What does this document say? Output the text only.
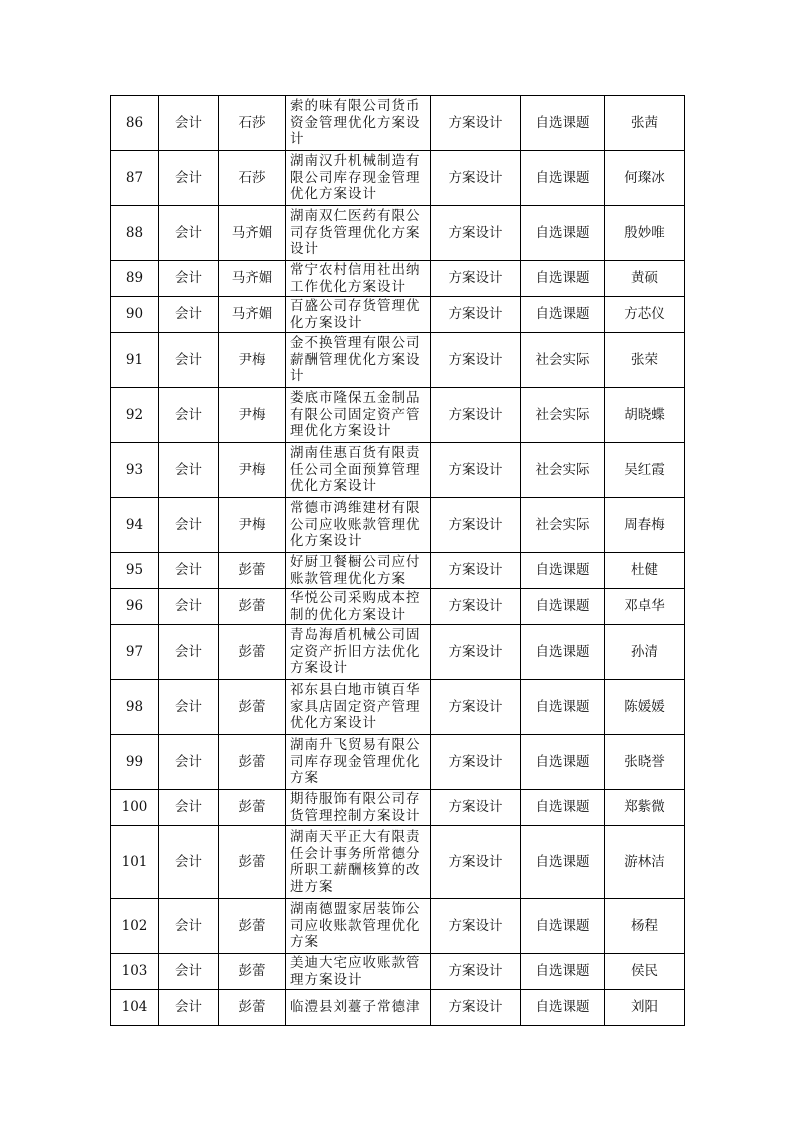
86	会计	石莎	索的味有限公司货币资金管理优化方案设计	方案设计	自选课题	张茜
87	会计	石莎	湖南汉升机械制造有限公司库存现金管理优化方案设计	方案设计	自选课题	何璨冰
88	会计	马齐媚	湖南双仁医药有限公司存货管理优化方案设计	方案设计	自选课题	殷妙唯
89	会计	马齐媚	常宁农村信用社出纳工作优化方案设计	方案设计	自选课题	黄硕
90	会计	马齐媚	百盛公司存货管理优化方案设计	方案设计	自选课题	方芯仪
91	会计	尹梅	金不换管理有限公司薪酬管理优化方案设计	方案设计	社会实际	张荣
92	会计	尹梅	娄底市隆保五金制品有限公司固定资产管理优化方案设计	方案设计	社会实际	胡晓蝶
93	会计	尹梅	湖南佳惠百货有限责任公司全面预算管理优化方案设计	方案设计	社会实际	吴红霞
94	会计	尹梅	常德市鸿维建材有限公司应收账款管理优化方案设计	方案设计	社会实际	周春梅
95	会计	彭蕾	好厨卫餐橱公司应付账款管理优化方案	方案设计	自选课题	杜健
96	会计	彭蕾	华悦公司采购成本控制的优化方案设计	方案设计	自选课题	邓卓华
97	会计	彭蕾	青岛海盾机械公司固定资产折旧方法优化方案设计	方案设计	自选课题	孙清
98	会计	彭蕾	祁东县白地市镇百华家具店固定资产管理优化方案设计	方案设计	自选课题	陈媛媛
99	会计	彭蕾	湖南升飞贸易有限公司库存现金管理优化方案	方案设计	自选课题	张晓誉
100	会计	彭蕾	期待服饰有限公司存货管理控制方案设计	方案设计	自选课题	郑紫微
101	会计	彭蕾	湖南天平正大有限责任会计事务所常德分所职工薪酬核算的改进方案	方案设计	自选课题	游林洁
102	会计	彭蕾	湖南德盟家居装饰公司应收账款管理优化方案	方案设计	自选课题	杨程
103	会计	彭蕾	美迪大宅应收账款管理方案设计	方案设计	自选课题	侯民
104	会计	彭蕾	临澧县刘薹子常德津	方案设计	自选课题	刘阳
